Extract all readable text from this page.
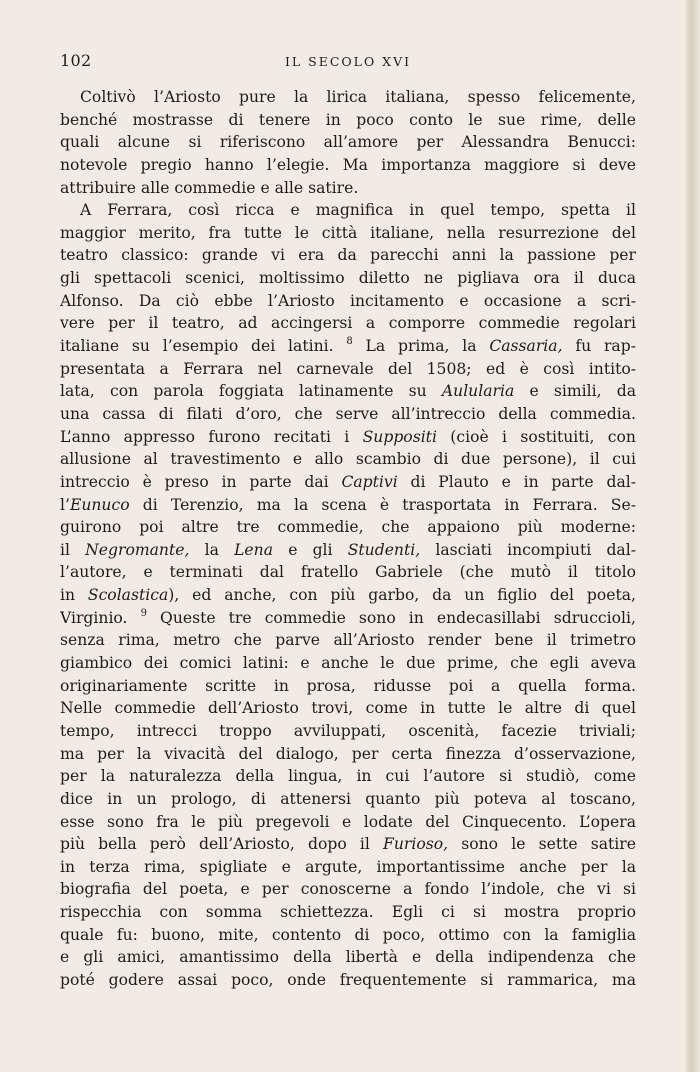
102	IL SECOLO XVI
Coltivò l’Ariosto pure la lirica italiana, spesso felicemente,
benché mostrasse di tenere in poco conto le sue rime, delle
quali alcune si riferiscono all’amore per Alessandra Benucci:
notevole pregio hanno l’elegie. Ma importanza maggiore si deve
attribuire alle commedie e alle satire.
A Ferrara, così ricca e magnifica in quel tempo, spetta il
maggior merito, fra tutte le città italiane, nella resurrezione del
teatro classico: grande vi era da parecchi anni la passione per
gli spettacoli scenici, moltissimo diletto ne pigliava ora il duca
Alfonso. Da ciò ebbe l’Ariosto incitamento e occasione a scri-
vere per il teatro, ad accingersi a comporre commedie regolari
italiane su l’esempio dei latini. $^8$ La prima, la Cassaria, fu rap-
presentata a Ferrara nel carnevale del 1508; ed è così intito-
lata, con parola foggiata latinamente su Aulularia e simili, da
una cassa di filati d’oro, che serve all’intreccio della commedia.
L’anno appresso furono recitati i Suppositi (cioè i sostituiti, con
allusione al travestimento e allo scambio di due persone), il cui
intreccio è preso in parte dai Captivi di Plauto e in parte dal-
l’Eunuco di Terenzio, ma la scena è trasportata in Ferrara. Se-
guirono poi altre tre commedie, che appaiono più moderne:
il Negromante, la Lena e gli Studenti, lasciati incompiuti dal-
l’autore, e terminati dal fratello Gabriele (che mutò il titolo
in Scolastica), ed anche, con più garbo, da un figlio del poeta,
Virginio. $^9$ Queste tre commedie sono in endecasillabi sdruccioli,
senza rima, metro che parve all’Ariosto render bene il trimetro
giambico dei comici latini: e anche le due prime, che egli aveva
originariamente scritte in prosa, ridusse poi a quella forma.
Nelle commedie dell’Ariosto trovi, come in tutte le altre di quel
tempo, intrecci troppo avviluppati, oscenità, facezie triviali;
ma per la vivacità del dialogo, per certa finezza d’osservazione,
per la naturalezza della lingua, in cui l’autore si studiò, come
dice in un prologo, di attenersi quanto più poteva al toscano,
esse sono fra le più pregevoli e lodate del Cinquecento. L’opera
più bella però dell’Ariosto, dopo il Furioso, sono le sette satire
in terza rima, spigliate e argute, importantissime anche per la
biografia del poeta, e per conoscerne a fondo l’indole, che vi si
rispecchia con somma schiettezza. Egli ci si mostra proprio
quale fu: buono, mite, contento di poco, ottimo con la famiglia
e gli amici, amantissimo della libertà e della indipendenza che
poté godere assai poco, onde frequentemente si rammarica, ma
